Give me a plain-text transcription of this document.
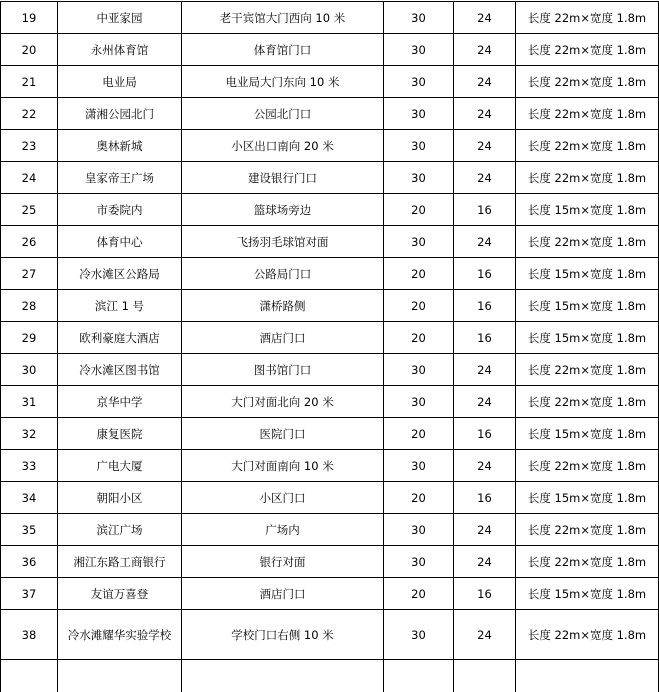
19	中亚家园	老干宾馆大门西向 10 米	30	24	长度 22m×宽度 1.8m
20	永州体育馆	体育馆门口	30	24	长度 22m×宽度 1.8m
21	电业局	电业局大门东向 10 米	30	24	长度 22m×宽度 1.8m
22	潇湘公园北门	公园北门口	30	24	长度 22m×宽度 1.8m
23	奥林新城	小区出口南向 20 米	30	24	长度 22m×宽度 1.8m
24	皇家帝王广场	建设银行门口	30	24	长度 22m×宽度 1.8m
25	市委院内	篮球场旁边	20	16	长度 15m×宽度 1.8m
26	体育中心	飞扬羽毛球馆对面	30	24	长度 22m×宽度 1.8m
27	冷水滩区公路局	公路局门口	20	16	长度 15m×宽度 1.8m
28	滨江 1 号	潇桥路侧	20	16	长度 15m×宽度 1.8m
29	欧利豪庭大酒店	酒店门口	20	16	长度 15m×宽度 1.8m
30	冷水滩区图书馆	图书馆门口	30	24	长度 22m×宽度 1.8m
31	京华中学	大门对面北向 20 米	30	24	长度 22m×宽度 1.8m
32	康复医院	医院门口	20	16	长度 15m×宽度 1.8m
33	广电大厦	大门对面南向 10 米	30	24	长度 22m×宽度 1.8m
34	朝阳小区	小区门口	20	16	长度 15m×宽度 1.8m
35	滨江广场	广场内	30	24	长度 22m×宽度 1.8m
36	湘江东路工商银行	银行对面	30	24	长度 22m×宽度 1.8m
37	友谊万喜登	酒店门口	20	16	长度 15m×宽度 1.8m
38	冷水滩耀华实验学校	学校门口右侧 10 米	30	24	长度 22m×宽度 1.8m
